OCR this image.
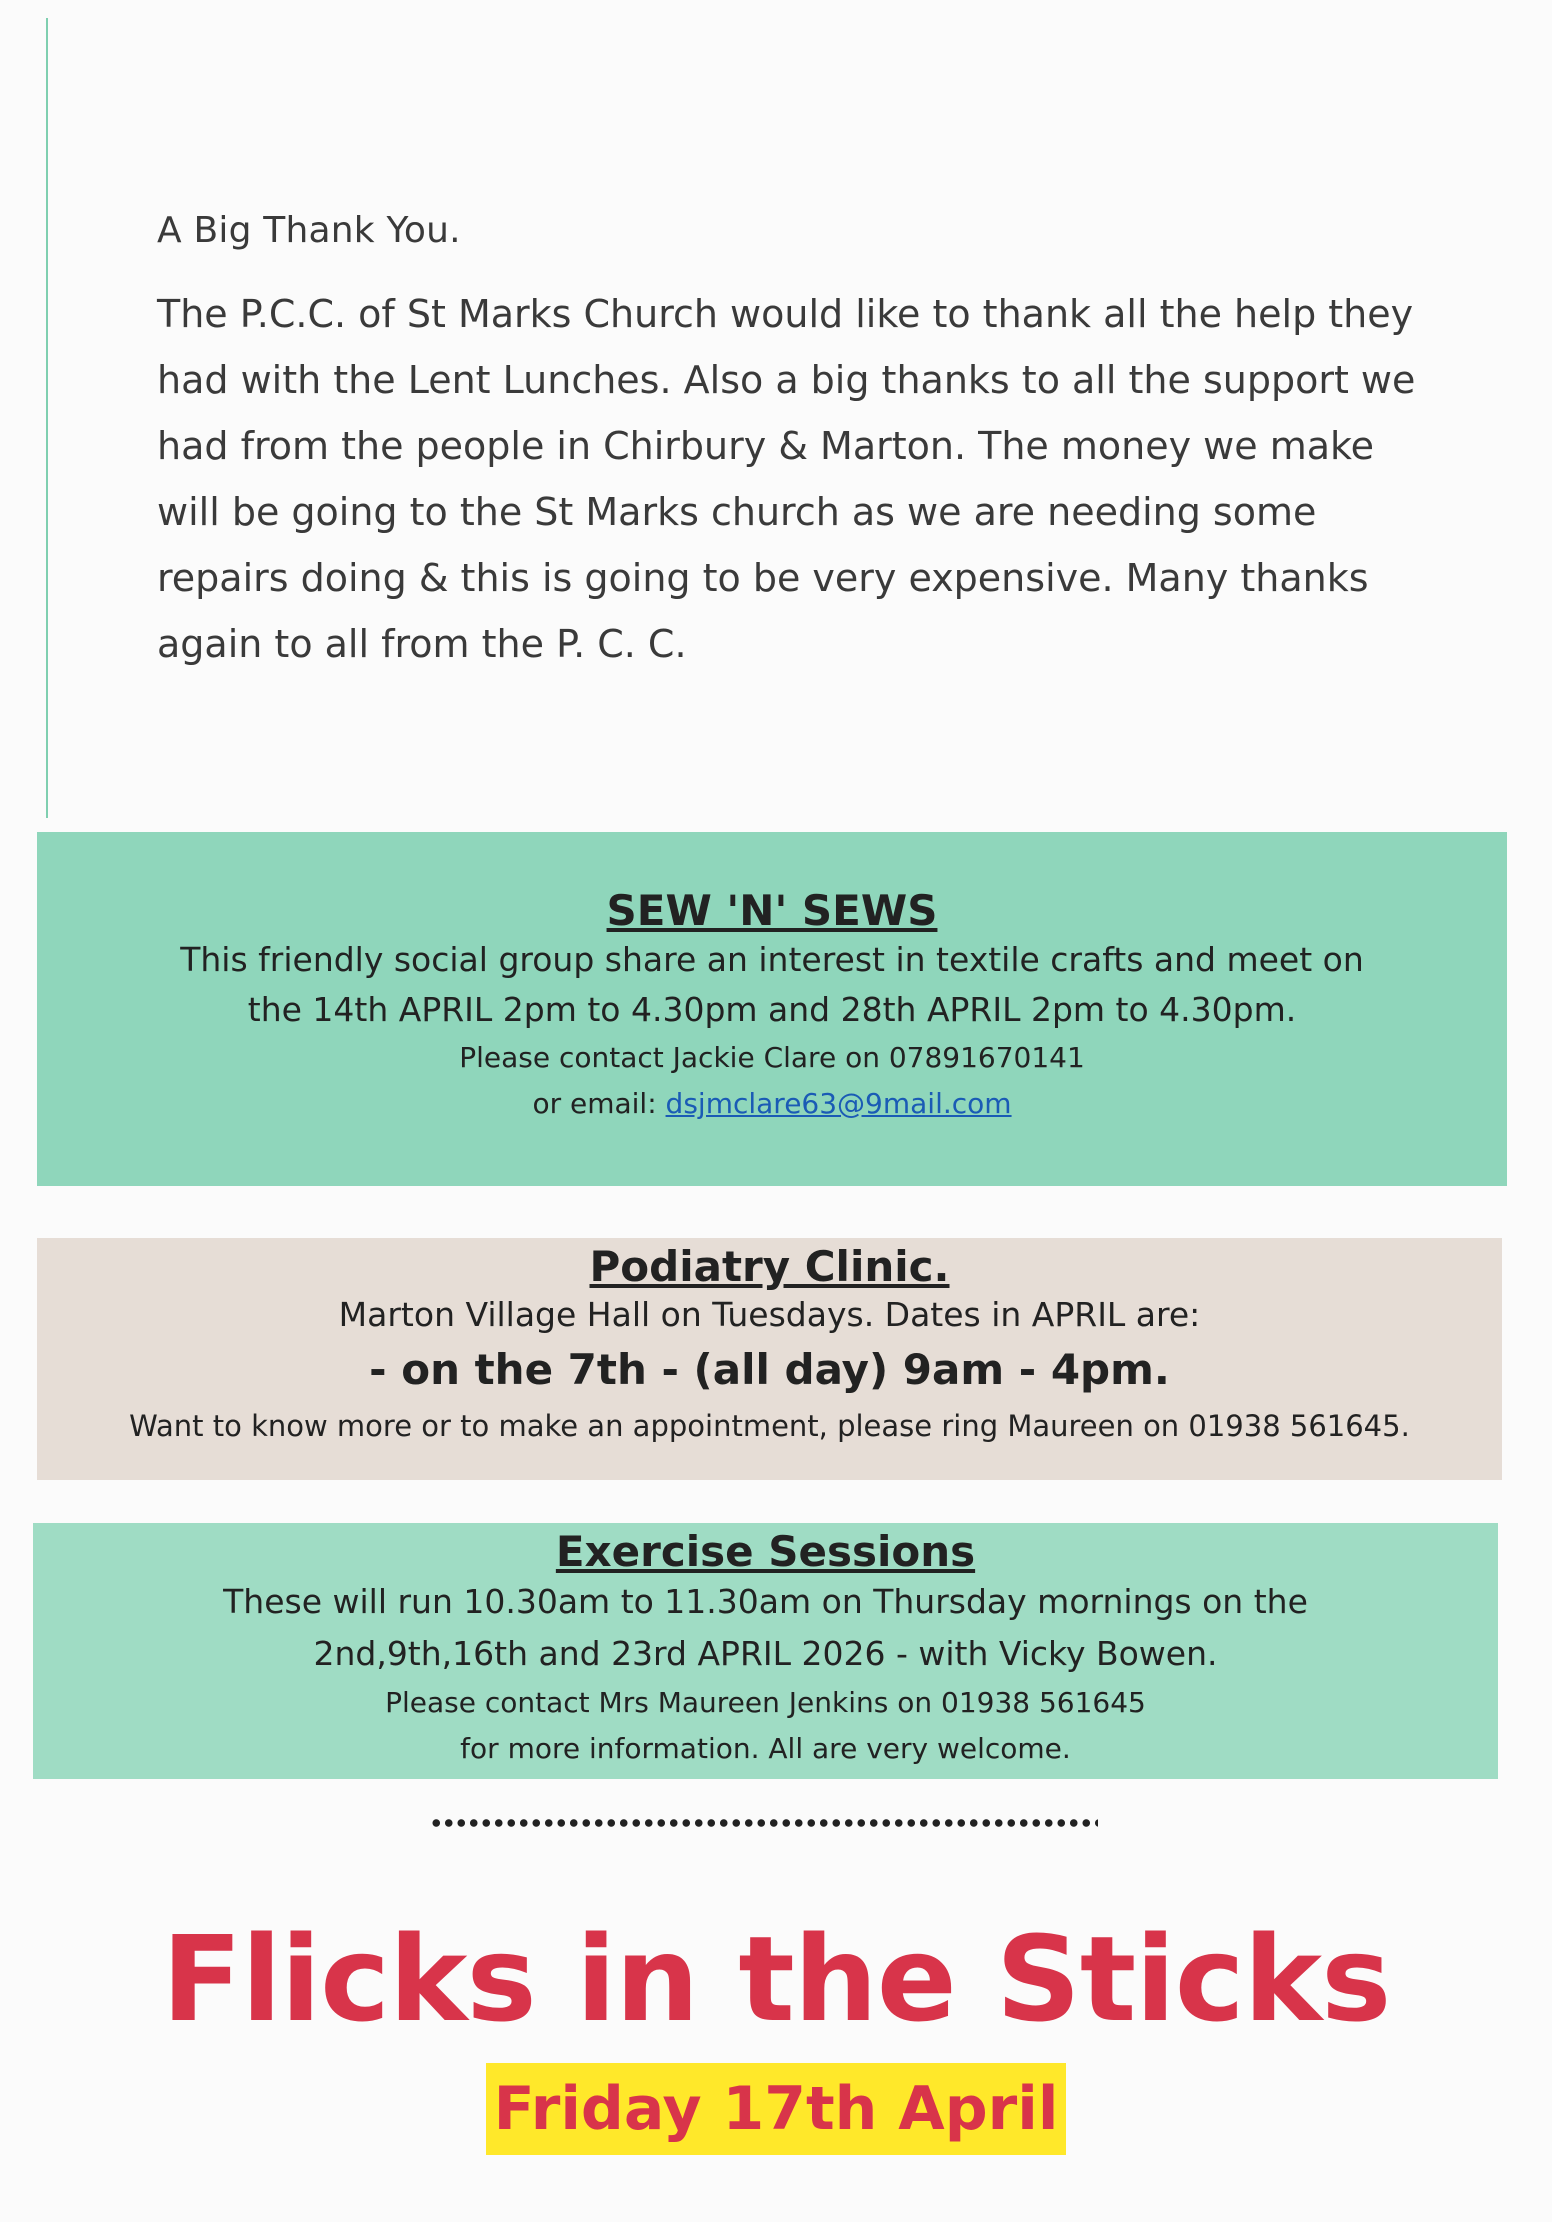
A Big Thank You.

The P.C.C. of St Marks Church would like to thank all the help they had with the Lent Lunches. Also a big thanks to all the support we had from the people in Chirbury & Marton. The money we make will be going to the St Marks church as we are needing some repairs doing & this is going to be very expensive. Many thanks again to all from the P. C. C.

SEW 'N' SEWS
This friendly social group share an interest in textile crafts and meet on
the 14th APRIL 2pm to 4.30pm and 28th APRIL 2pm to 4.30pm.
Please contact Jackie Clare on 07891670141
or email: dsjmclare63@9mail.com
Podiatry Clinic.
Marton Village Hall on Tuesdays. Dates in APRIL are:
- on the 7th - (all day) 9am - 4pm.
Want to know more or to make an appointment, please ring Maureen on 01938 561645.
Exercise Sessions
These will run 10.30am to 11.30am on Thursday mornings on the
2nd,9th,16th and 23rd APRIL 2026 - with Vicky Bowen.
Please contact Mrs Maureen Jenkins on 01938 561645
for more information. All are very welcome.
Flicks in the Sticks
Friday 17th April
